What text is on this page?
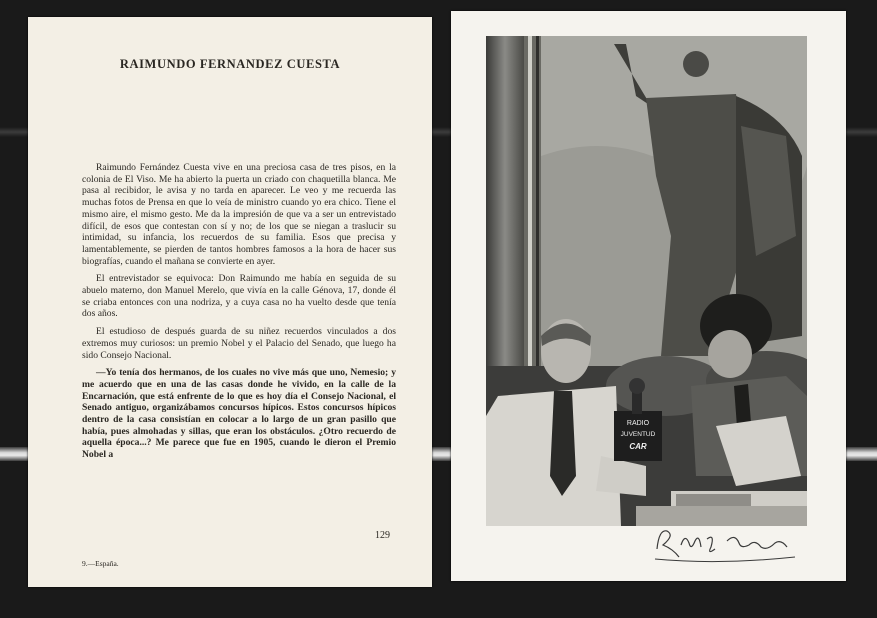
RAIMUNDO FERNANDEZ CUESTA

Raimundo Fernández Cuesta vive en una preciosa casa de tres pisos, en la colonia de El Viso. Me ha abierto la puerta un criado con chaquetilla blanca. Me pasa al recibidor, le avisa y no tarda en aparecer. Le veo y me recuerda las muchas fotos de Prensa en que lo veía de ministro cuando yo era chico. Tiene el mismo aire, el mismo gesto. Me da la impresión de que va a ser un entrevistado difícil, de esos que contestan con sí y no; de los que se niegan a traslucir su intimidad, su infancia, los recuerdos de su familia. Esos que precisa y lamentablemente, se pierden de tantos hombres famosos a la hora de hacer sus biografías, cuando el mañana se convierte en ayer.

El entrevistador se equivoca: Don Raimundo me había en seguida de su abuelo materno, don Manuel Merelo, que vivía en la calle Génova, 17, donde él se criaba entonces con una nodriza, y a cuya casa no ha vuelto desde que tenía dos años.

El estudioso de después guarda de su niñez recuerdos vinculados a dos extremos muy curiosos: un premio Nobel y el Palacio del Senado, que luego ha sido Consejo Nacional.

—Yo tenía dos hermanos, de los cuales no vive más que uno, Nemesio; y me acuerdo que en una de las casas donde he vivido, en la calle de la Encarnación, que está enfrente de lo que es hoy día el Consejo Nacional, el Senado antiguo, organizábamos concursos hípicos. Estos concursos hípicos dentro de la casa consistían en colocar a lo largo de un gran pasillo que había, pues almohadas y sillas, que eran los obstáculos. ¿Otro recuerdo de aquella época...? Me parece que fue en 1905, cuando le dieron el Premio Nobel a

129
9.—España.
RADIO
JUVENTUD
CAR
